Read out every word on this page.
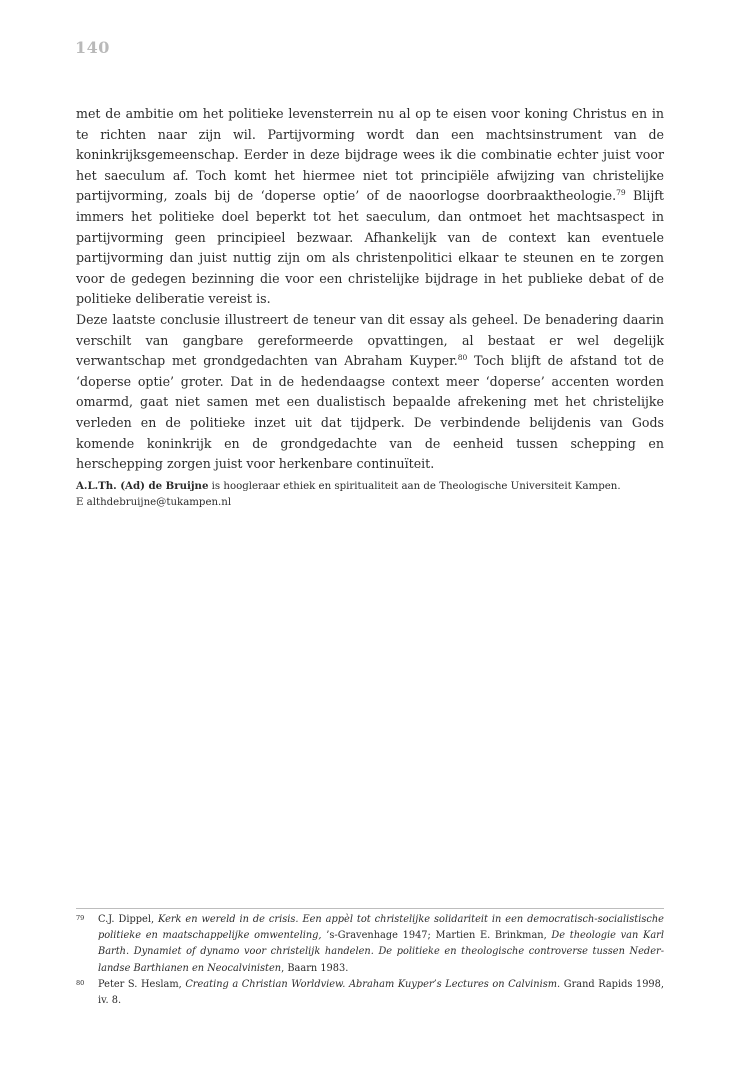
140

met de ambitie om het politieke levensterrein nu al op te eisen voor koning Christus en in te richten naar zijn wil. Partijvorming wordt dan een machtsinstrument van de koninkrijksgemeenschap. Eerder in deze bijdrage wees ik die combinatie echter juist voor het saeculum af. Toch komt het hiermee niet tot principiële afwijzing van christelijke partijvorming, zoals bij de ‘doperse optie’ of de naoorlogse doorbraaktheologie.$^{79}$ Blijft immers het politieke doel beperkt tot het saeculum, dan ontmoet het machtsaspect in partijvorming geen principieel bezwaar. Afhankelijk van de context kan eventuele partijvorming dan juist nuttig zijn om als christenpolitici elkaar te steunen en te zorgen voor de gedegen bezinning die voor een christelijke bijdrage in het publieke debat of de politieke deliberatie vereist is.

Deze laatste conclusie illustreert de teneur van dit essay als geheel. De benadering daarin verschilt van gangbare gereformeerde opvattingen, al bestaat er wel degelijk verwantschap met grondgedachten van Abraham Kuyper.$^{80}$ Toch blijft de afstand tot de ‘doperse optie’ groter. Dat in de hedendaagse context meer ‘doperse’ accenten worden omarmd, gaat niet samen met een dualistisch bepaalde afrekening met het christelijke verleden en de politieke inzet uit dat tijdperk. De verbindende belijdenis van Gods komende koninkrijk en de grondgedachte van de eenheid tussen schepping en herschepping zorgen juist voor herkenbare continuïteit.

A.L.Th. (Ad) de Bruijne is hoogleraar ethiek en spiritualiteit aan de Theologische Universiteit Kampen.
E althdebruijne@tukampen.nl
79 C.J. Dippel, Kerk en wereld in de crisis. Een appèl tot christelijke solidariteit in een democratisch-socialistische politieke en maatschappelijke omwenteling, ’s-Gravenhage 1947; Martien E. Brinkman, De theologie van Karl Barth. Dynamiet of dynamo voor christelijk handelen. De politieke en theologische controverse tussen Nederlandse Barthianen en Neocalvinisten, Baarn 1983.
80 Peter S. Heslam, Creating a Christian Worldview. Abraham Kuyper’s Lectures on Calvinism. Grand Rapids 1998, iv. 8.
